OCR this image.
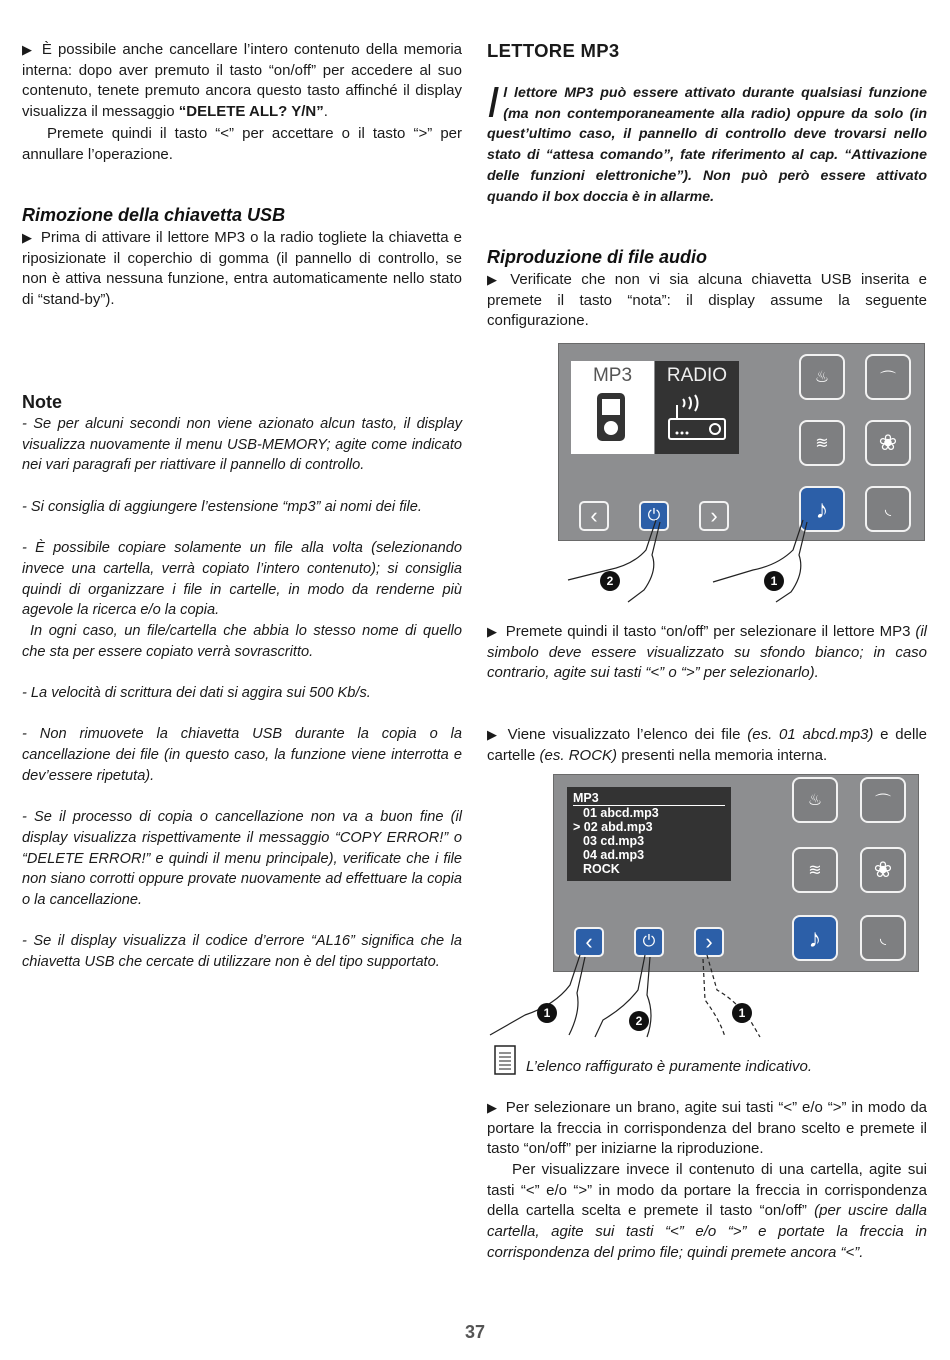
▶ È possibile anche cancellare l’intero contenuto della memoria interna: dopo aver premuto il tasto “on/off” per accedere al suo contenuto, tenete premuto ancora questo tasto affinché il display visualizza il messaggio “DELETE ALL? Y/N”.

Premete quindi il tasto “<” per accettare o il tasto “>” per annullare l’operazione.

Rimozione della chiavetta USB

▶ Prima di attivare il lettore MP3 o la radio togliete la chiavetta e riposizionate il coperchio di gomma (il pannello di controllo, se non è attiva nessuna funzione, entra automaticamente nello stato di “stand-by”).

Note

- Se per alcuni secondi non viene azionato alcun tasto, il display visualizza nuovamente il menu USB-MEMORY; agite come indicato nei vari paragrafi per riattivare il pannello di controllo.

- Si consiglia di aggiungere l’estensione “mp3” ai nomi dei file.

- È possibile copiare solamente un file alla volta (selezionando invece una cartella, verrà copiato l’intero contenuto); si consiglia quindi di organizzare i file in cartelle, in modo da renderne più agevole la ricerca e/o la copia.

In ogni caso, un file/cartella che abbia lo stesso nome di quello che sta per essere copiato verrà sovrascritto.

- La velocità di scrittura dei dati si aggira sui 500 Kb/s.

- Non rimuovete la chiavetta USB durante la copia o la cancellazione dei file (in questo caso, la funzione viene interrotta e dev’essere ripetuta).

- Se il processo di copia o cancellazione non va a buon fine (il display visualizza rispettivamente il messaggio “COPY ERROR!” o “DELETE ERROR!” e quindi il menu principale), verificate che i file non siano corrotti oppure provate nuovamente ad effettuare la copia o la cancellazione.

- Se il display visualizza il codice d’errore “AL16” significa che la chiavetta USB che cercate di utilizzare non è del tipo supportato.

LETTORE MP3
Il lettore MP3 può essere attivato durante qualsiasi funzione (ma non contemporaneamente alla radio) oppure da solo (in quest’ultimo caso, il pannello di controllo deve trovarsi nello stato di “attesa comando”, fate riferimento al cap. “Attivazione delle funzioni elettroniche”). Non può però essere attivato quando il box doccia è in allarme.
Riproduzione di file audio

▶ Verificate che non vi sia alcuna chiavetta USB inserita e premete il tasto “nota”: il display assume la seguente configurazione.

MP3	RADIO	♨	⌒
≋ ❀
♪	◟
‹	⏻ ›
2	1

▶ Premete quindi il tasto “on/off” per selezionare il lettore MP3 (il simbolo deve essere visualizzato su sfondo bianco; in caso contrario, agite sui tasti “<” o “>” per selezionarlo).

▶ Viene visualizzato l’elenco dei file (es. 01 abcd.mp3) e delle cartelle (es. ROCK) presenti nella memoria interna.

MP3
01 abcd.mp3
> 02 abd.mp3
03 cd.mp3
04 ad.mp3
ROCK
♨	⌒
≋ ❀
♪	◟
‹	⏻ ›
1
2
1

L’elenco raffigurato è puramente indicativo.

▶ Per selezionare un brano, agite sui tasti “<” e/o “>” in modo da portare la freccia in corrispondenza del brano scelto e premete il tasto “on/off” per iniziarne la riproduzione.

Per visualizzare invece il contenuto di una cartella, agite sui tasti “<” e/o “>” in modo da portare la freccia in corrispondenza della cartella scelta e premete il tasto “on/off” (per uscire dalla cartella, agite sui tasti “<” e/o “>” e portate la freccia in corrispondenza del primo file; quindi premete ancora “<”.

37
